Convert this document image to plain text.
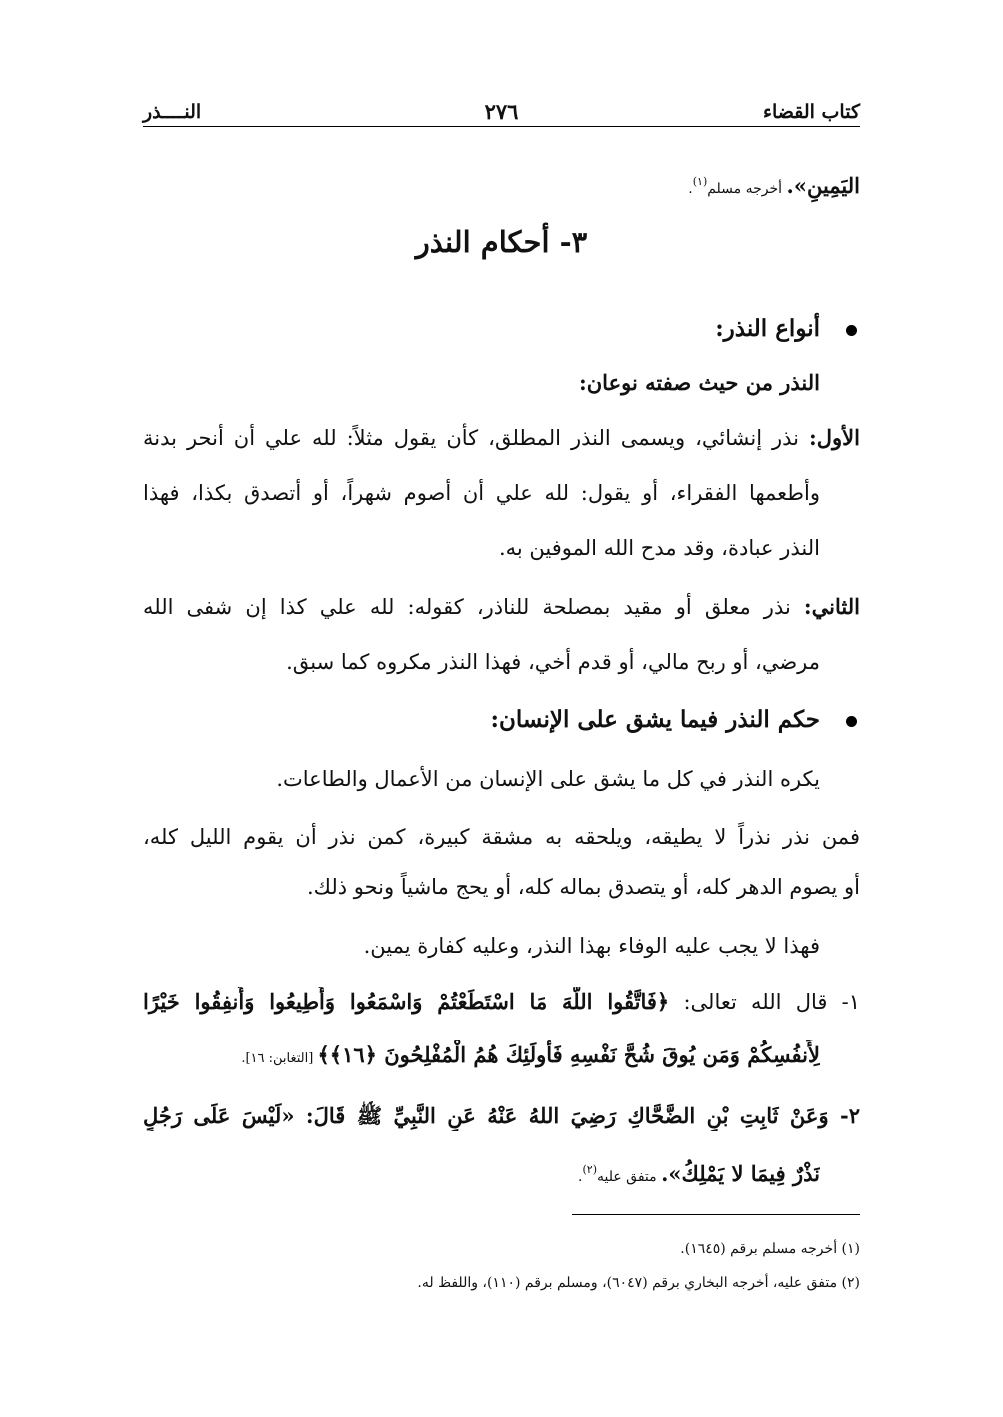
كتاب القضاء
٢٧٦
النــــذر
اليَمِينِ». أخرجه مسلم$^{(١)}$.
٣- أحكام النذر
أنواع النذر:
النذر من حيث صفته نوعان:
الأول: نذر إنشائي، ويسمى النذر المطلق، كأن يقول مثلاً: لله علي أن أنحر بدنة
وأطعمها الفقراء، أو يقول: لله علي أن أصوم شهراً، أو أتصدق بكذا، فهذا
النذر عبادة، وقد مدح الله الموفين به.
الثاني: نذر معلق أو مقيد بمصلحة للناذر، كقوله: لله علي كذا إن شفى الله
مرضي، أو ربح مالي، أو قدم أخي، فهذا النذر مكروه كما سبق.
حكم النذر فيما يشق على الإنسان:
يكره النذر في كل ما يشق على الإنسان من الأعمال والطاعات.
فمن نذر نذراً لا يطيقه، ويلحقه به مشقة كبيرة، كمن نذر أن يقوم الليل كله،
أو يصوم الدهر كله، أو يتصدق بماله كله، أو يحج ماشياً ونحو ذلك.
فهذا لا يجب عليه الوفاء بهذا النذر، وعليه كفارة يمين.
١- قال الله تعالى: ﴿فَاتَّقُوا اللَّهَ مَا اسْتَطَعْتُمْ وَاسْمَعُوا وَأَطِيعُوا وَأَنفِقُوا خَيْرًا
لِأَنفُسِكُمْ وَمَن يُوقَ شُحَّ نَفْسِهِ فَأُولَئِكَ هُمُ الْمُفْلِحُونَ ﴿١٦﴾﴾ [التغابن: ١٦].
٢- وَعَنْ ثَابِتِ بْنِ الضَّحَّاكِ رَضِيَ اللهُ عَنْهُ عَنِ النَّبِيِّ ﷺ قَالَ: «لَيْسَ عَلَى رَجُلٍ
نَذْرٌ فِيمَا لا يَمْلِكُ». متفق عليه$^{(٢)}$.
(١) أخرجه مسلم برقم (١٦٤٥).
(٢) متفق عليه، أخرجه البخاري برقم (٦٠٤٧)، ومسلم برقم (١١٠)، واللفظ له.
